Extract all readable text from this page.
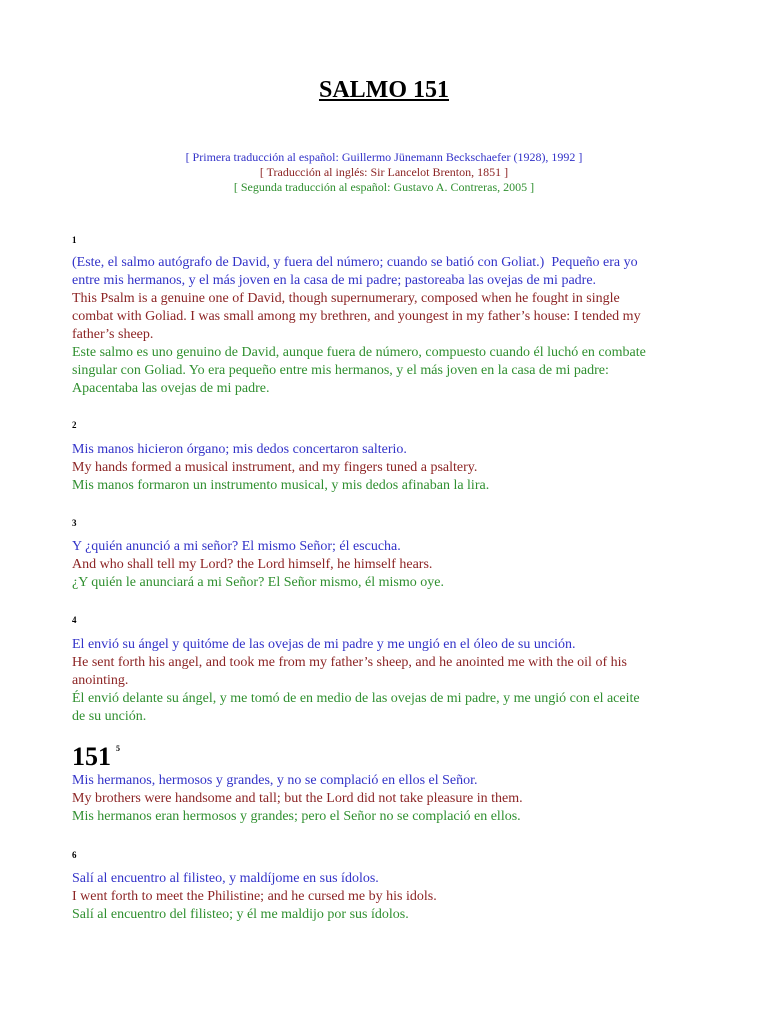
SALMO 151
[ Primera traducción al español: Guillermo Jünemann Beckschaefer (1928), 1992 ]
[ Traducción al inglés: Sir Lancelot Brenton, 1851 ]
[ Segunda traducción al español: Gustavo A. Contreras, 2005 ]
1
(Este, el salmo autógrafo de David, y fuera del número; cuando se batió con Goliat.)  Pequeño era yo
entre mis hermanos, y el más joven en la casa de mi padre; pastoreaba las ovejas de mi padre.
This Psalm is a genuine one of David, though supernumerary, composed when he fought in single
combat with Goliad. I was small among my brethren, and youngest in my father’s house: I tended my
father’s sheep.
Este salmo es uno genuino de David, aunque fuera de número, compuesto cuando él luchó en combate
singular con Goliad. Yo era pequeño entre mis hermanos, y el más joven en la casa de mi padre:
Apacentaba las ovejas de mi padre.
2
Mis manos hicieron órgano; mis dedos concertaron salterio.
My hands formed a musical instrument, and my fingers tuned a psaltery.
Mis manos formaron un instrumento musical, y mis dedos afinaban la lira.
3
Y ¿quién anunció a mi señor? El mismo Señor; él escucha.
And who shall tell my Lord? the Lord himself, he himself hears.
¿Y quién le anunciará a mi Señor? El Señor mismo, él mismo oye.
4
El envió su ángel y quitóme de las ovejas de mi padre y me ungió en el óleo de su unción.
He sent forth his angel, and took me from my father’s sheep, and he anointed me with the oil of his
anointing.
Él envió delante su ángel, y me tomó de en medio de las ovejas de mi padre, y me ungió con el aceite
de su unción.
151 $^5$
Mis hermanos, hermosos y grandes, y no se complació en ellos el Señor.
My brothers were handsome and tall; but the Lord did not take pleasure in them.
Mis hermanos eran hermosos y grandes; pero el Señor no se complació en ellos.
6
Salí al encuentro al filisteo, y maldíjome en sus ídolos.
I went forth to meet the Philistine; and he cursed me by his idols.
Salí al encuentro del filisteo; y él me maldijo por sus ídolos.
